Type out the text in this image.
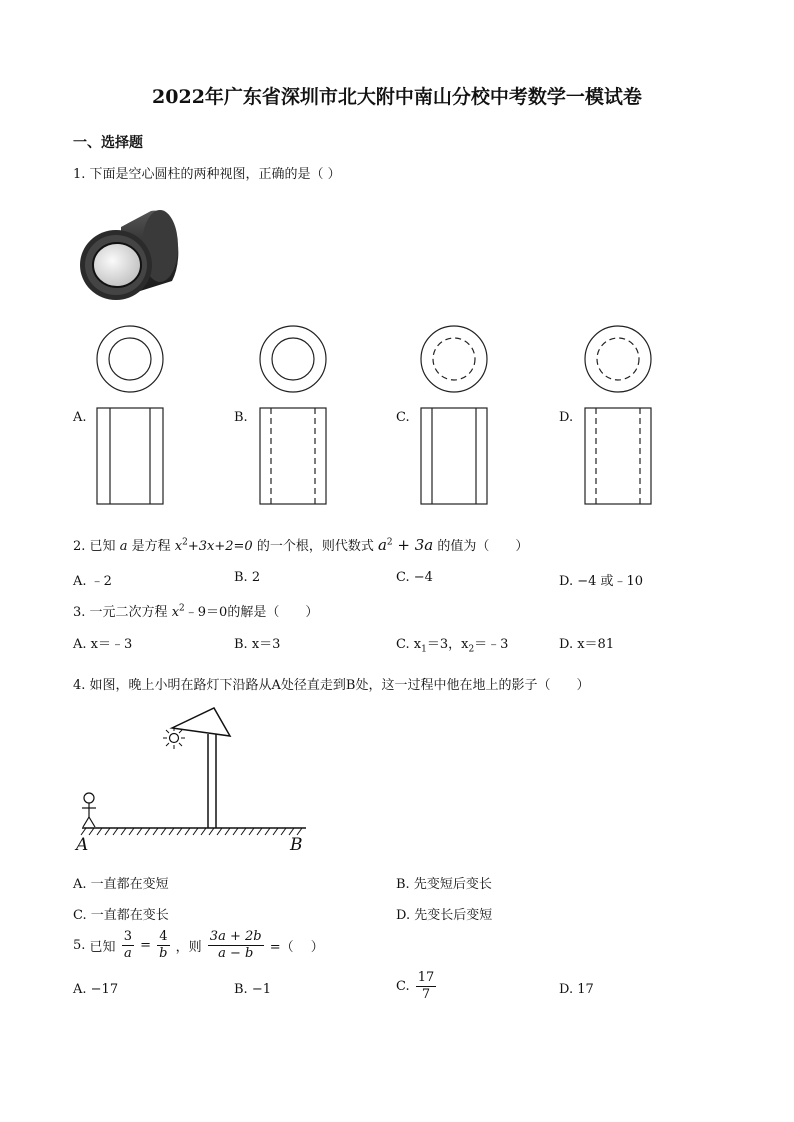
2022年广东省深圳市北大附中南山分校中考数学一模试卷
一、选择题
1. 下面是空心圆柱的两种视图，正确的是（ ）
A.	B.	C.	D.
2. 已知 a 是方程 $x^2+3x+2=0$ 的一个根，则代数式 $a^2 + 3a$ 的值为（　　）
A. ﹣2	B. 2	C. −4	D. −4 或﹣10
3. 一元二次方程 $x^2﹣9=0$的解是（　　）
A. x＝﹣3	B. x＝3	C. $x_1=3$，$x_2=﹣3$	D. x＝81
4. 如图，晚上小明在路灯下沿路从A处径直走到B处，这一过程中他在地上的影子（　　）
A	B
A. 一直都在变短	B. 先变短后变长
C. 一直都在变长	D. 先变长后变短
5. 已知 $\frac{3}{a} = \frac{4}{b}$ ，则 $\frac{3a + 2b}{a - b}$ =（　 ）
A. −17	B. −1	C. $\frac{17}{7}$	D. 17
